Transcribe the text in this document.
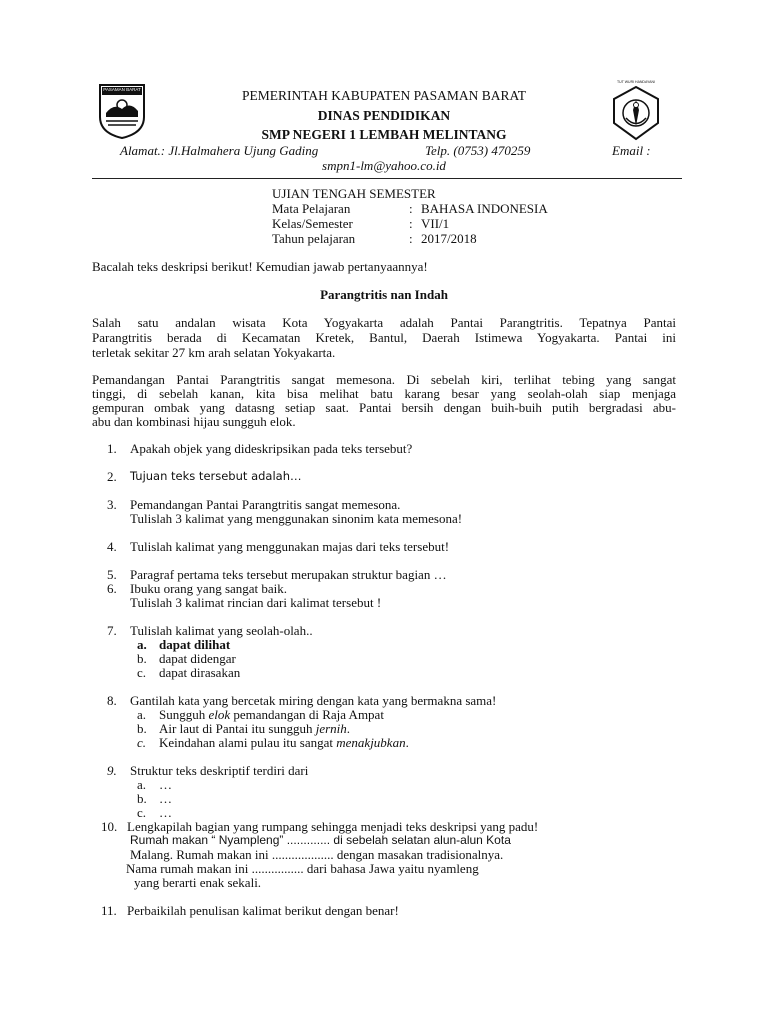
PASAMAN BARAT
TUT WURI HANDAYANI
PEMERINTAH KABUPATEN PASAMAN BARAT
DINAS PENDIDIKAN
SMP NEGERI 1 LEMBAH MELINTANG
Alamat.: Jl.Halmahera Ujung Gading	Telp. (0753) 470259	Email :
smpn1-lm@yahoo.co.id
UJIAN TENGAH SEMESTER
Mata Pelajaran	: BAHASA INDONESIA
Kelas/Semester	: VII/1
Tahun pelajaran	: 2017/2018
Bacalah teks deskripsi berikut! Kemudian jawab pertanyaannya!
Parangtritis nan Indah
Salah satu andalan wisata Kota Yogyakarta adalah Pantai Parangtritis. Tepatnya Pantai
Parangtritis berada di Kecamatan Kretek, Bantul, Daerah Istimewa Yogyakarta. Pantai ini
terletak sekitar 27 km arah selatan Yokyakarta.
Pemandangan Pantai Parangtritis sangat memesona. Di sebelah kiri, terlihat tebing yang sangat
tinggi, di sebelah kanan, kita bisa melihat batu karang besar yang seolah-olah siap menjaga
gempuran ombak yang datasng setiap saat. Pantai bersih dengan buih-buih putih bergradasi abu-
abu dan kombinasi hijau sungguh elok.
1. Apakah objek yang dideskripsikan pada teks tersebut?
2. Tujuan teks tersebut adalah…
3. Pemandangan Pantai Parangtritis sangat memesona.
Tulislah 3 kalimat yang menggunakan sinonim kata memesona!
4. Tulislah kalimat yang menggunakan majas dari teks tersebut!
5. Paragraf pertama teks tersebut merupakan struktur bagian …
6. Ibuku orang yang sangat baik.
Tulislah 3 kalimat rincian dari kalimat tersebut !
7. Tulislah kalimat yang seolah-olah..
a. dapat dilihat
b. dapat didengar
c. dapat dirasakan
8. Gantilah kata yang bercetak miring dengan kata yang bermakna sama!
a. Sungguh elok pemandangan di Raja Ampat
b. Air laut di Pantai itu sungguh jernih.
c. Keindahan alami pulau itu sangat menakjubkan.
9. Struktur teks deskriptif terdiri dari
a. …
b. …
c. …
10. Lengkapilah bagian yang rumpang sehingga menjadi teks deskripsi yang padu!
Rumah makan “ Nyampleng” ............. di sebelah selatan alun-alun Kota
Malang. Rumah makan ini ................... dengan masakan tradisionalnya.
Nama rumah makan ini ................ dari bahasa Jawa yaitu nyamleng
yang berarti enak sekali.
11. Perbaikilah penulisan kalimat berikut dengan benar!
